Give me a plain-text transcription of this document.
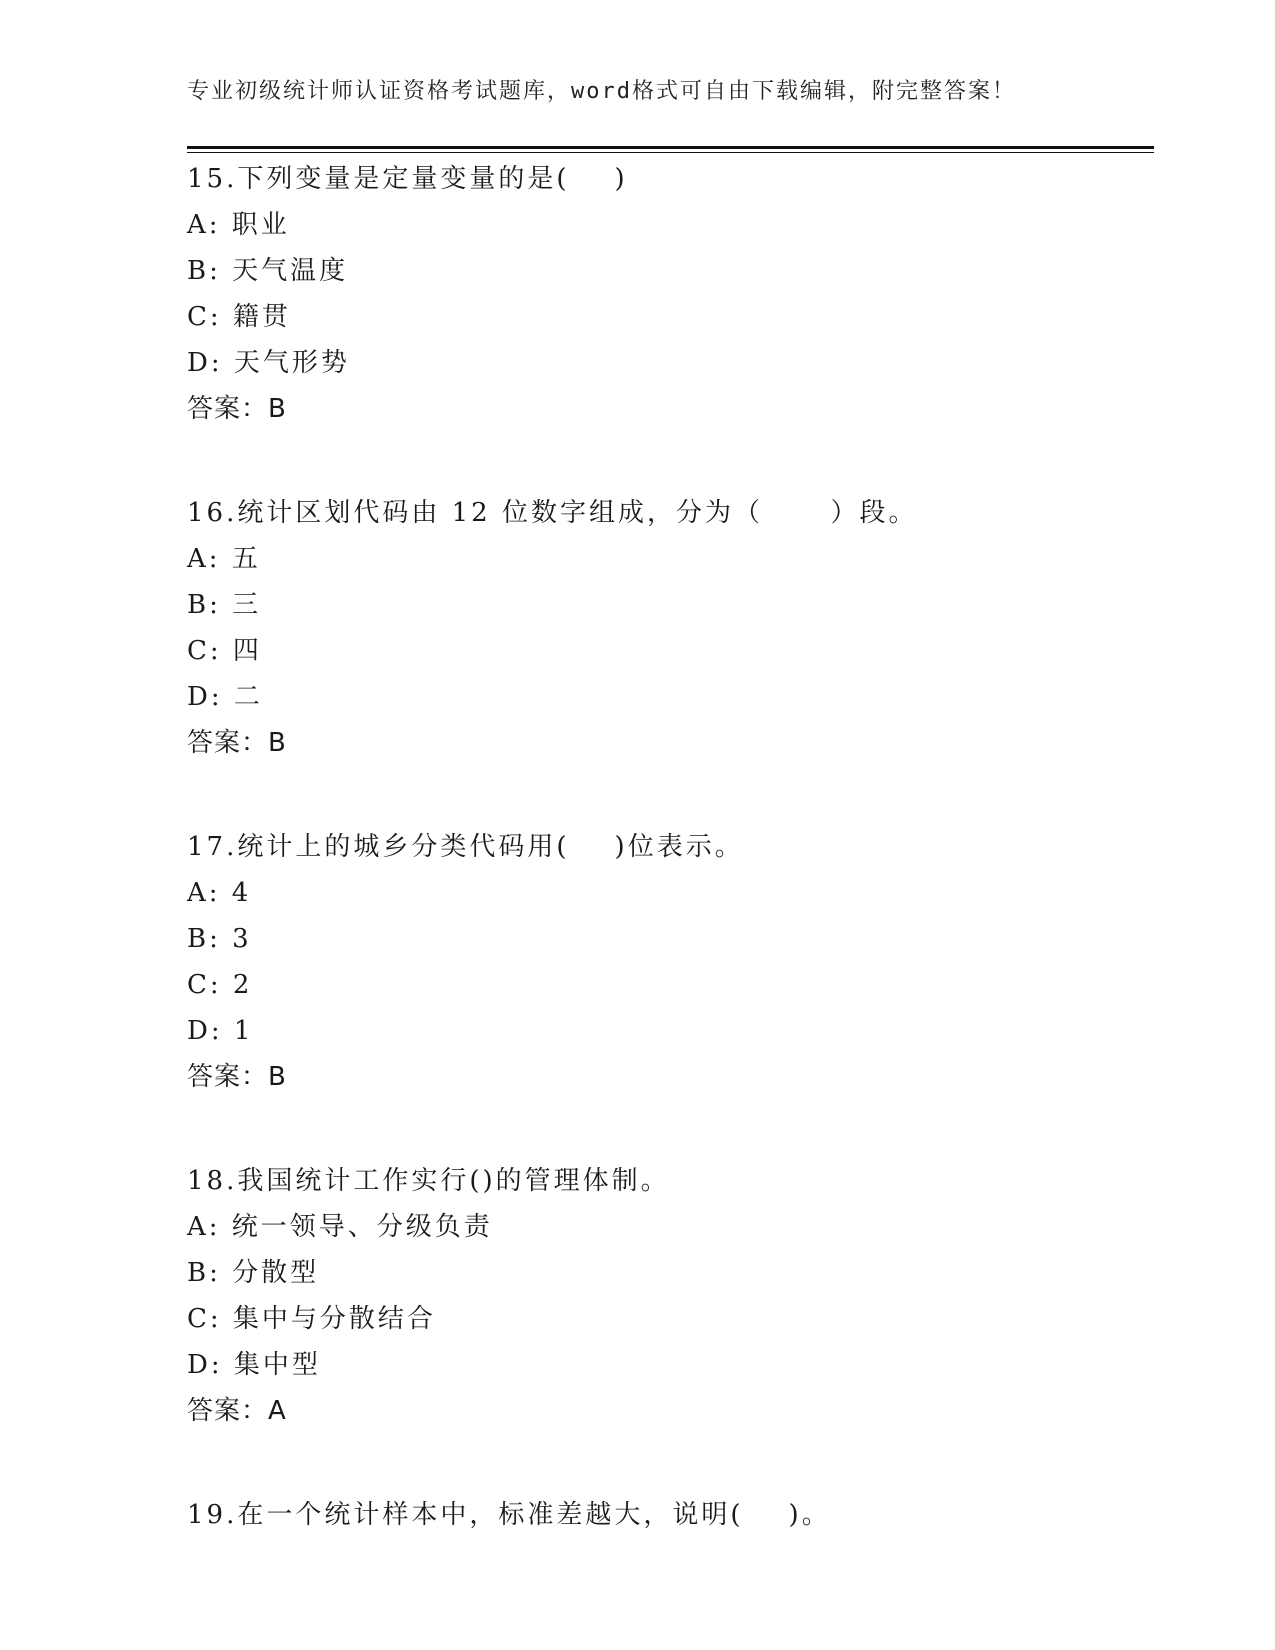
专业初级统计师认证资格考试题库，word格式可自由下载编辑，附完整答案！
15.下列变量是定量变量的是(    )
A: 职业
B: 天气温度
C: 籍贯
D: 天气形势
答案：B
16.统计区划代码由 12 位数字组成，分为（      ）段。
A: 五
B: 三
C: 四
D: 二
答案：B
17.统计上的城乡分类代码用(    )位表示。
A: 4
B: 3
C: 2
D: 1
答案：B
18.我国统计工作实行()的管理体制。
A: 统一领导、分级负责
B: 分散型
C: 集中与分散结合
D: 集中型
答案：A
19.在一个统计样本中，标准差越大，说明(    )。
